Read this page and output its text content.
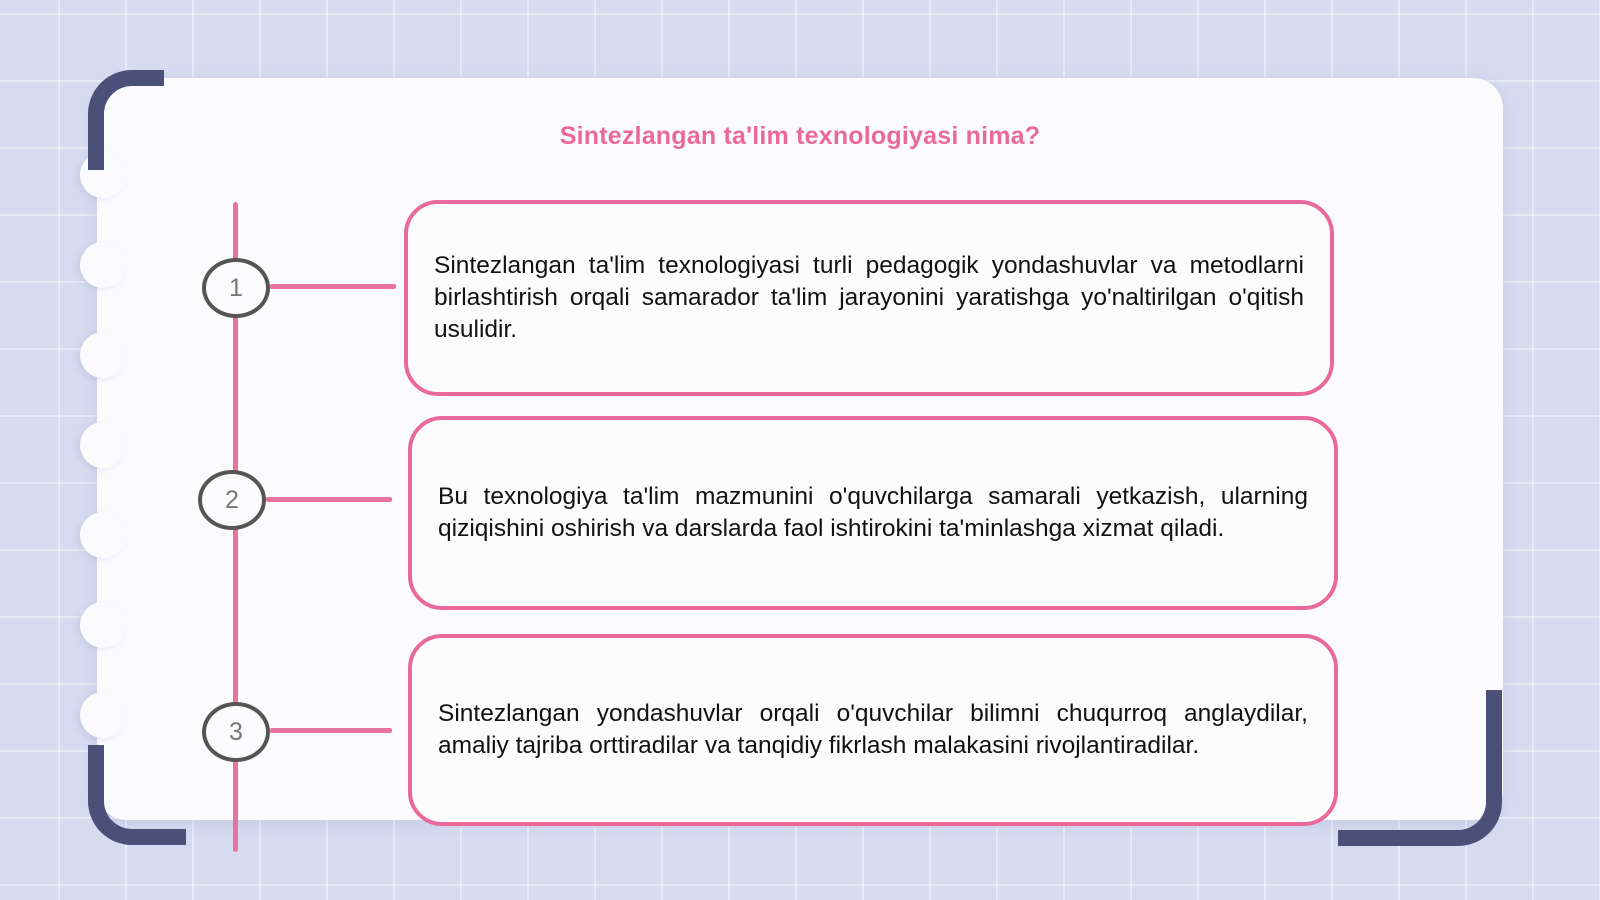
Sintezlangan ta'lim texnologiyasi nima?
1
Sintezlangan ta'lim texnologiyasi turli pedagogik yondashuvlar va metodlarni birlashtirish orqali samarador ta'lim jarayonini yaratishga yo'naltirilgan o'qitish usulidir.
2	Bu texnologiya ta'lim mazmunini o'quvchilarga samarali yetkazish, ularning qiziqishini oshirish va darslarda faol ishtirokini ta'minlashga xizmat qiladi.
3
Sintezlangan yondashuvlar orqali o'quvchilar bilimni chuqurroq anglaydilar, amaliy tajriba orttiradilar va tanqidiy fikrlash malakasini rivojlantiradilar.
